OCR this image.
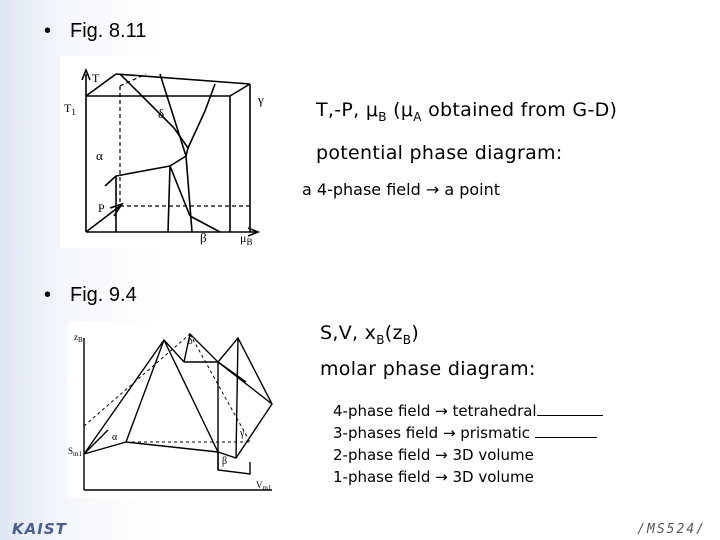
• Fig. 8.11
T
$T_1$
P
$\mu_B$
α
β
γ
δ	T,-P, $\mu_B$ ($\mu_A$ obtained from G-D)
potential phase diagram:
a 4-phase field → a point
• Fig. 9.4
$z_B$
$S_{m1}$
$V_{m1}$
α
β
γ
δ	S,V, $x_B(z_B)$
molar phase diagram:
4-phase field → tetrahedral
3-phases field → prismatic
2-phase field → 3D volume
1-phase field → 3D volume
KAIST	/MS524/
